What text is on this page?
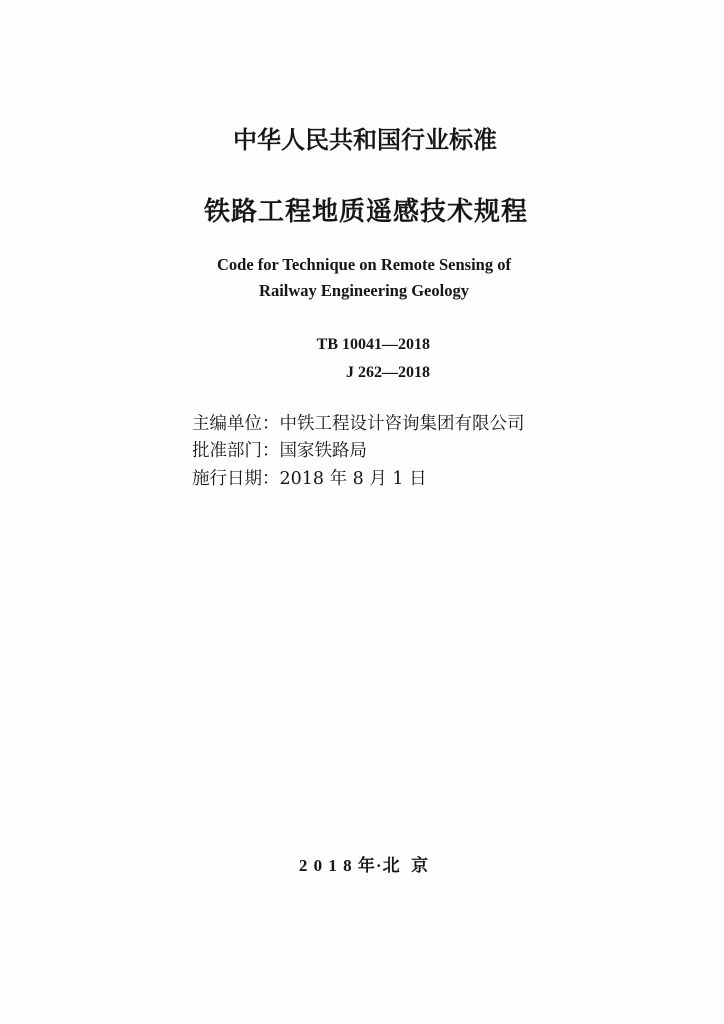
中华人民共和国行业标准
铁路工程地质遥感技术规程
Code for Technique on Remote Sensing of
Railway Engineering Geology
TB 10041—2018
J 262—2018
主编单位：中铁工程设计咨询集团有限公司
批准部门：国家铁路局
施行日期：2018 年 8 月 1 日
2 0 1 8 年·北  京
